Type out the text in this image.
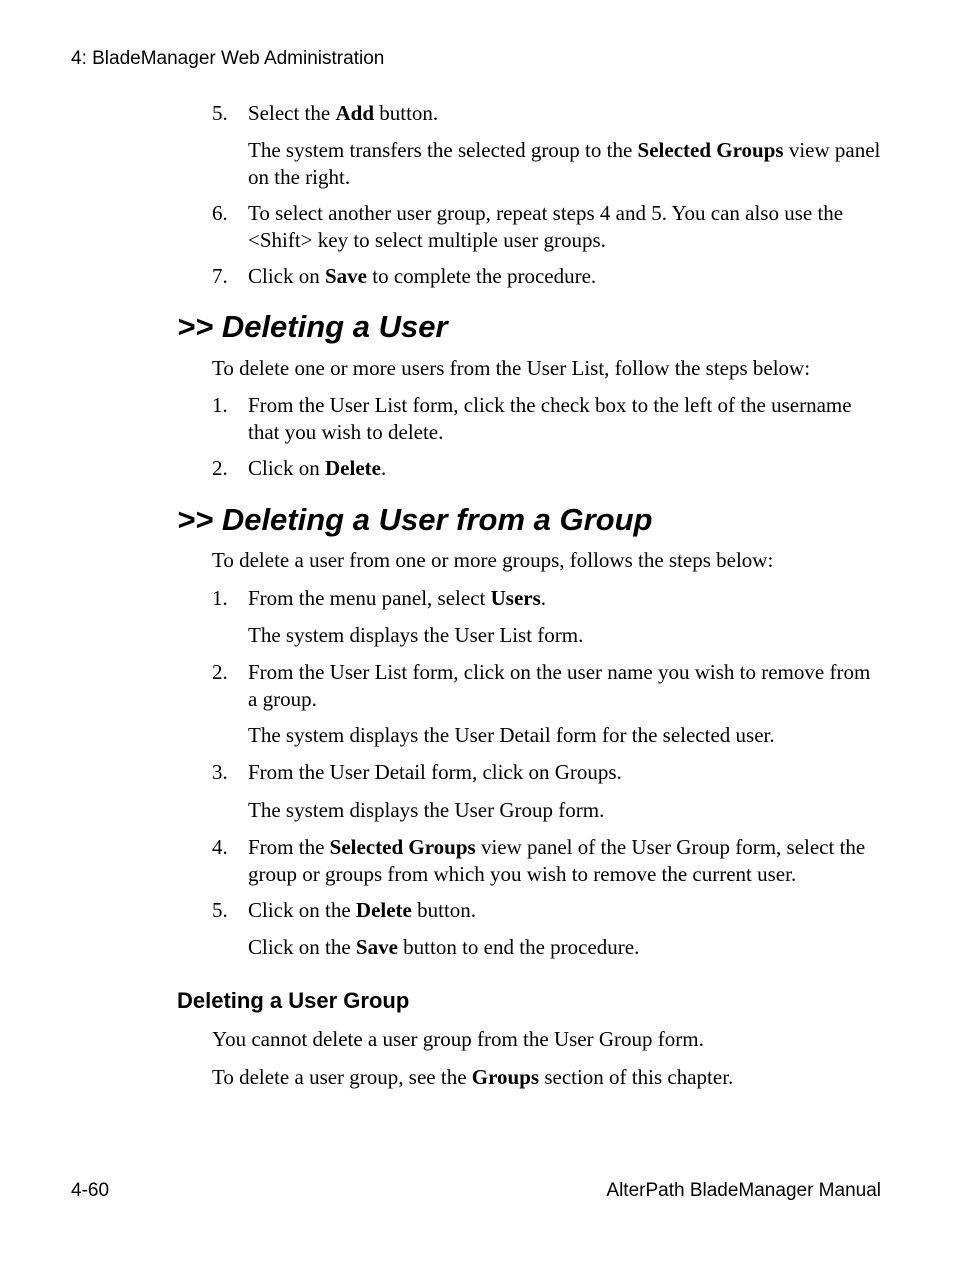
4: BladeManager Web Administration
5. Select the Add button.
The system transfers the selected group to the Selected Groups view panel on the right.
6. To select another user group, repeat steps 4 and 5. You can also use the <Shift> key to select multiple user groups.
7. Click on Save to complete the procedure.
>> Deleting a User
To delete one or more users from the User List, follow the steps below:
1. From the User List form, click the check box to the left of the username that you wish to delete.
2. Click on Delete.
>> Deleting a User from a Group
To delete a user from one or more groups, follows the steps below:
1. From the menu panel, select Users.
The system displays the User List form.
2. From the User List form, click on the user name you wish to remove from a group.
The system displays the User Detail form for the selected user.
3. From the User Detail form, click on Groups.
The system displays the User Group form.
4. From the Selected Groups view panel of the User Group form, select the group or groups from which you wish to remove the current user.
5. Click on the Delete button.
Click on the Save button to end the procedure.
Deleting a User Group
You cannot delete a user group from the User Group form.
To delete a user group, see the Groups section of this chapter.
4-60	AlterPath BladeManager Manual
